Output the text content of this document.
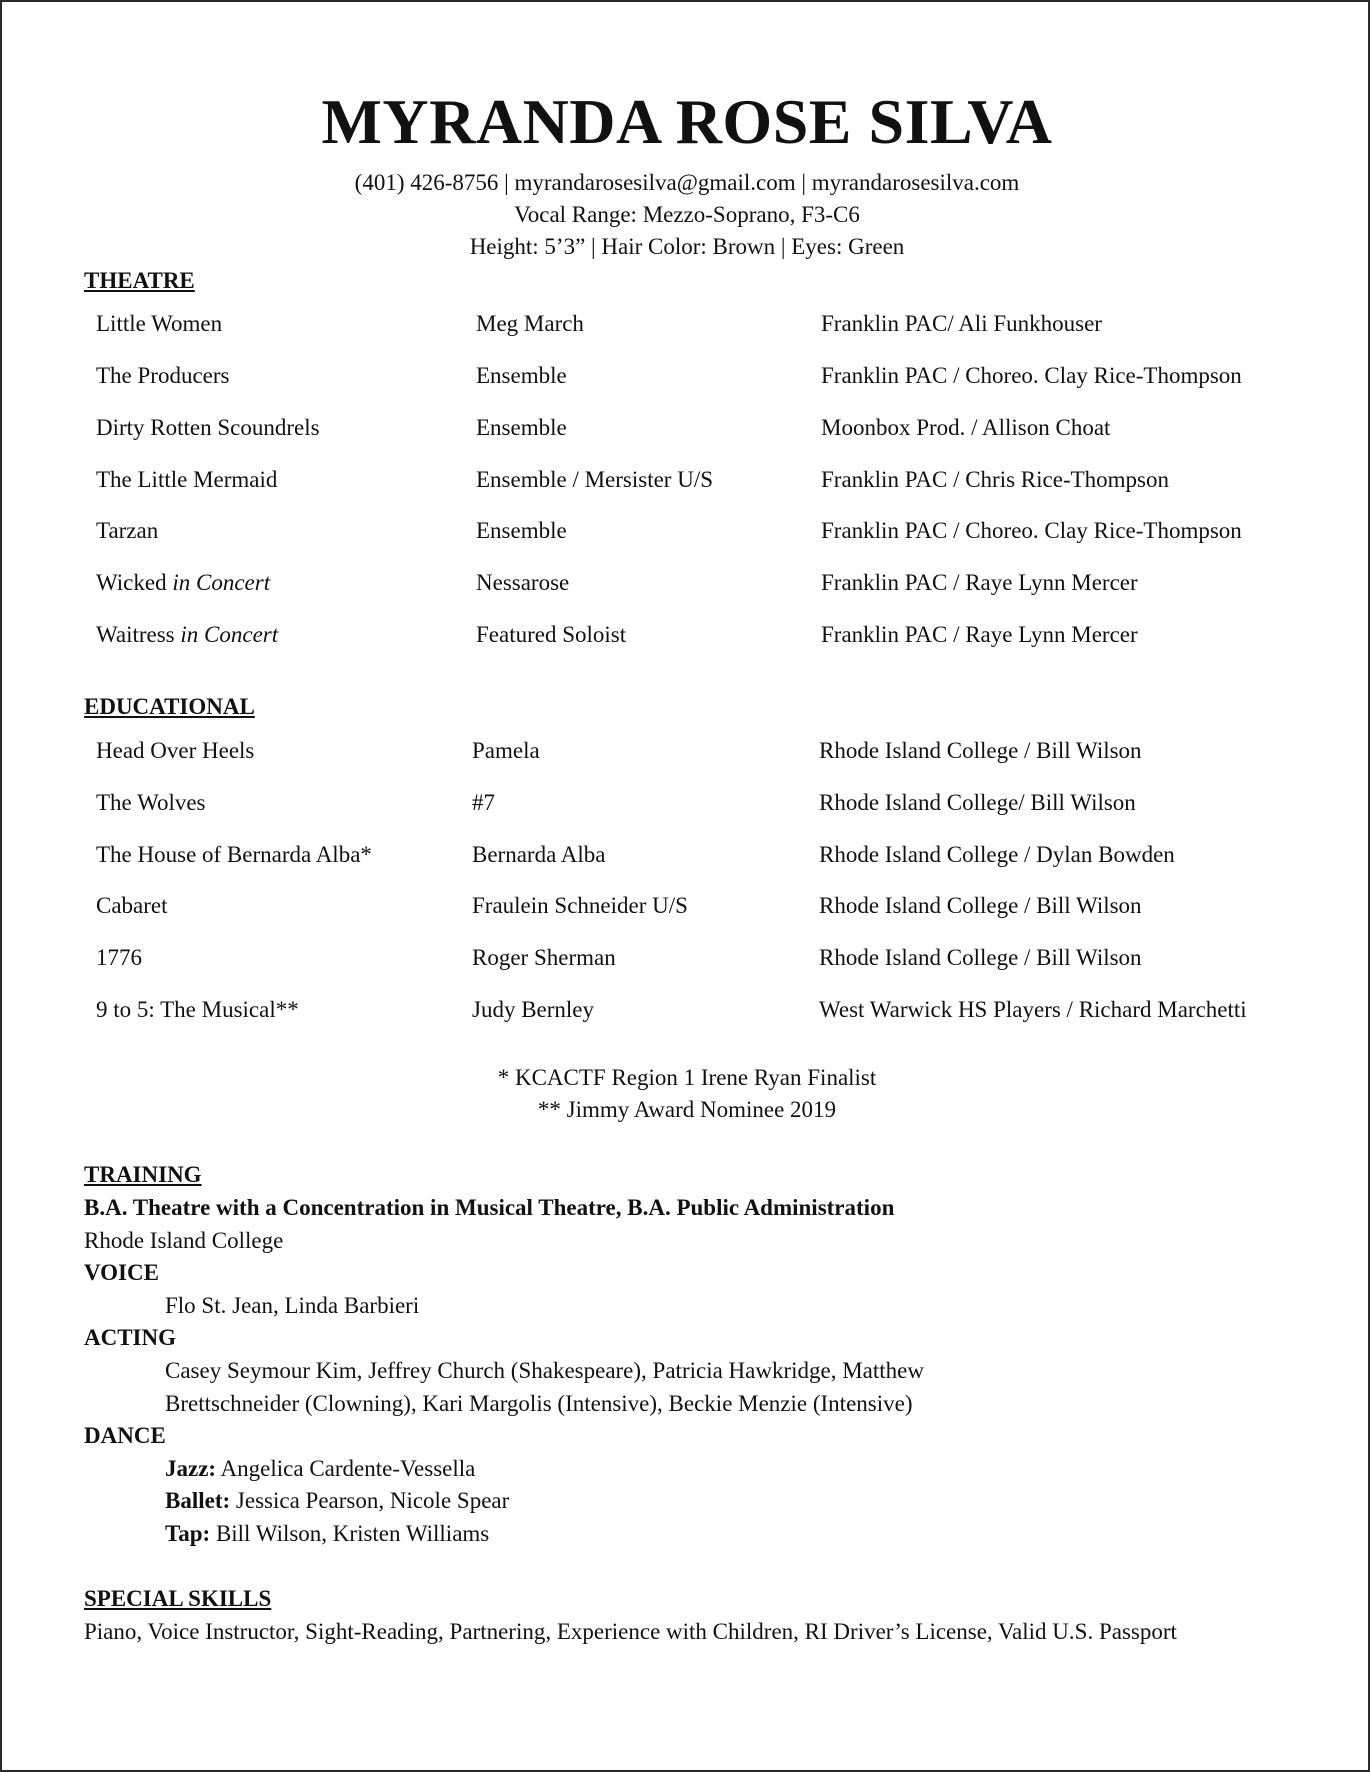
MYRANDA ROSE SILVA
(401) 426-8756 | myrandarosesilva@gmail.com | myrandarosesilva.com
Vocal Range: Mezzo-Soprano, F3-C6
Height: 5’3” | Hair Color: Brown | Eyes: Green
THEATRE
Little Women	Meg March	Franklin PAC/ Ali Funkhouser
The Producers	Ensemble	Franklin PAC / Choreo. Clay Rice-Thompson
Dirty Rotten Scoundrels	Ensemble	Moonbox Prod. / Allison Choat
The Little Mermaid	Ensemble / Mersister U/S	Franklin PAC / Chris Rice-Thompson
Tarzan	Ensemble	Franklin PAC / Choreo. Clay Rice-Thompson
Wicked in Concert	Nessarose	Franklin PAC / Raye Lynn Mercer
Waitress in Concert	Featured Soloist	Franklin PAC / Raye Lynn Mercer
EDUCATIONAL
Head Over Heels	Pamela	Rhode Island College / Bill Wilson
The Wolves	#7	Rhode Island College/ Bill Wilson
The House of Bernarda Alba*	Bernarda Alba	Rhode Island College / Dylan Bowden
Cabaret	Fraulein Schneider U/S	Rhode Island College / Bill Wilson
1776	Roger Sherman	Rhode Island College / Bill Wilson
9 to 5: The Musical**	Judy Bernley	West Warwick HS Players / Richard Marchetti
* KCACTF Region 1 Irene Ryan Finalist
** Jimmy Award Nominee 2019
TRAINING
B.A. Theatre with a Concentration in Musical Theatre, B.A. Public Administration
Rhode Island College
VOICE
Flo St. Jean, Linda Barbieri
ACTING
Casey Seymour Kim, Jeffrey Church (Shakespeare), Patricia Hawkridge, Matthew
Brettschneider (Clowning), Kari Margolis (Intensive), Beckie Menzie (Intensive)
DANCE
Jazz: Angelica Cardente-Vessella
Ballet: Jessica Pearson, Nicole Spear
Tap: Bill Wilson, Kristen Williams
SPECIAL SKILLS
Piano, Voice Instructor, Sight-Reading, Partnering, Experience with Children, RI Driver’s License, Valid U.S. Passport
